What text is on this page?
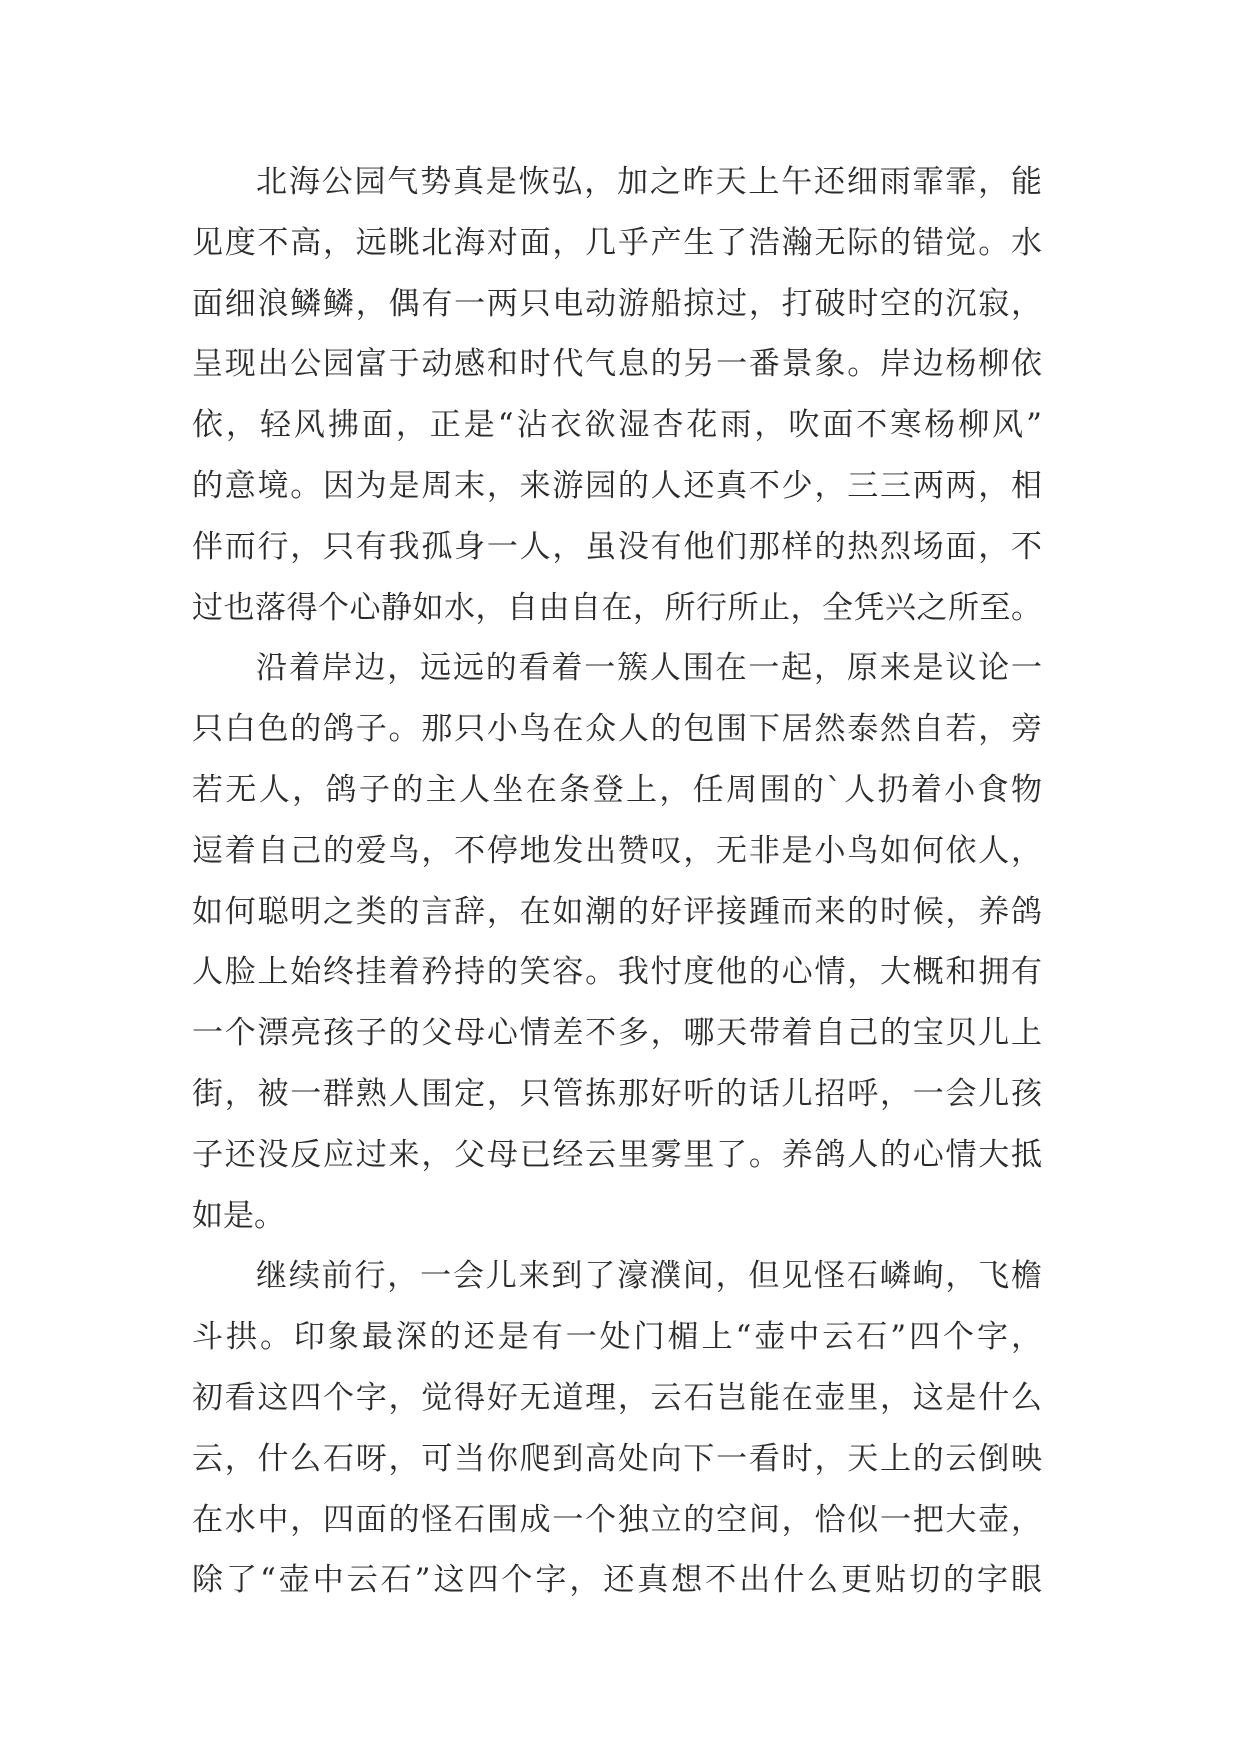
北海公园气势真是恢弘，加之昨天上午还细雨霏霏，能
见度不高，远眺北海对面，几乎产生了浩瀚无际的错觉。水
面细浪鳞鳞，偶有一两只电动游船掠过，打破时空的沉寂，
呈现出公园富于动感和时代气息的另一番景象。岸边杨柳依
依，轻风拂面，正是“沾衣欲湿杏花雨，吹面不寒杨柳风”
的意境。因为是周末，来游园的人还真不少，三三两两，相
伴而行，只有我孤身一人，虽没有他们那样的热烈场面，不
过也落得个心静如水，自由自在，所行所止，全凭兴之所至。
沿着岸边，远远的看着一簇人围在一起，原来是议论一
只白色的鸽子。那只小鸟在众人的包围下居然泰然自若，旁
若无人，鸽子的主人坐在条登上，任周围的`人扔着小食物
逗着自己的爱鸟，不停地发出赞叹，无非是小鸟如何依人，
如何聪明之类的言辞，在如潮的好评接踵而来的时候，养鸽
人脸上始终挂着矜持的笑容。我忖度他的心情，大概和拥有
一个漂亮孩子的父母心情差不多，哪天带着自己的宝贝儿上
街，被一群熟人围定，只管拣那好听的话儿招呼，一会儿孩
子还没反应过来，父母已经云里雾里了。养鸽人的心情大抵
如是。
继续前行，一会儿来到了濠濮间，但见怪石嶙峋，飞檐
斗拱。印象最深的还是有一处门楣上“壶中云石”四个字，
初看这四个字，觉得好无道理，云石岂能在壶里，这是什么
云，什么石呀，可当你爬到高处向下一看时，天上的云倒映
在水中，四面的怪石围成一个独立的空间，恰似一把大壶，
除了“壶中云石”这四个字，还真想不出什么更贴切的字眼
